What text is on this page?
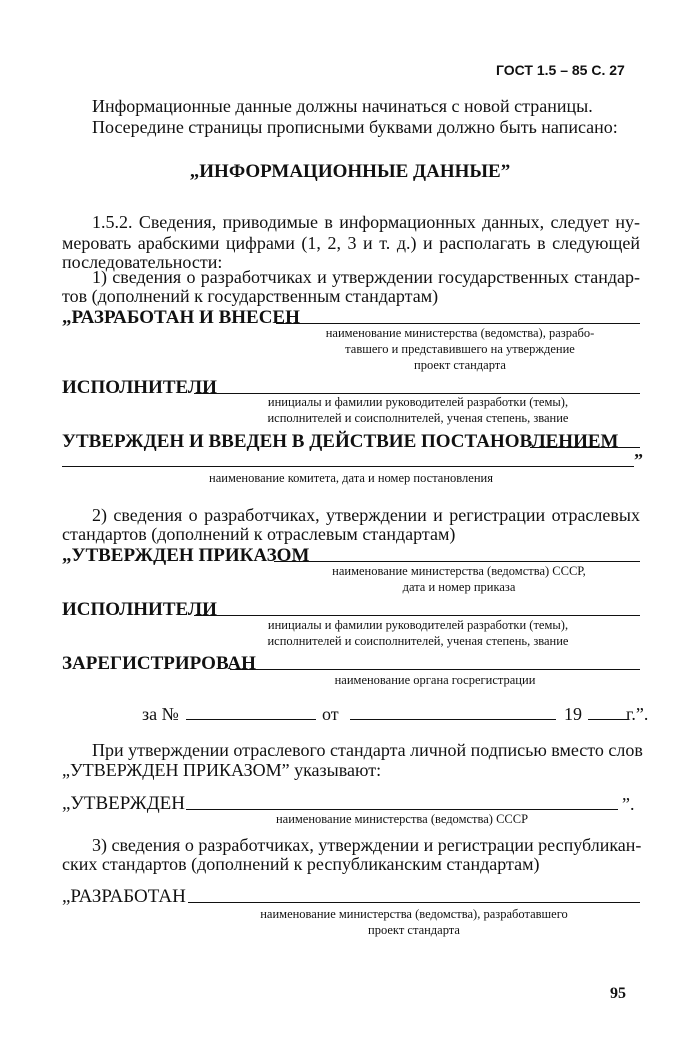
ГОСТ 1.5 – 85 С. 27
Информационные данные должны начинаться с новой страницы.
Посередине страницы прописными буквами должно быть написано:
„ИНФОРМАЦИОННЫЕ ДАННЫЕ”
1.5.2. Сведения, приводимые в информационных данных, следует ну-
меровать арабскими цифрами (1, 2, 3 и т. д.) и располагать в следующей
последовательности:
1) сведения о разработчиках и утверждении государственных стандар-
тов (дополнений к государственным стандартам)
„РАЗРАБОТАН И ВНЕСЕН
наименование министерства (ведомства), разрабо-
тавшего и представившего на утверждение
проект стандарта
ИСПОЛНИТЕЛИ
инициалы и фамилии руководителей разработки (темы),
исполнителей и соисполнителей, ученая степень, звание
УТВЕРЖДЕН И ВВЕДЕН В ДЕЙСТВИЕ ПОСТАНОВЛЕНИЕМ
”
наименование комитета, дата и номер постановления
2) сведения о разработчиках, утверждении и регистрации отраслевых
стандартов (дополнений к отраслевым стандартам)
„УТВЕРЖДЕН ПРИКАЗОМ
наименование министерства (ведомства) СССР,
дата и номер приказа
ИСПОЛНИТЕЛИ
инициалы и фамилии руководителей разработки (темы),
исполнителей и соисполнителей, ученая степень, звание
ЗАРЕГИСТРИРОВАН
наименование органа госрегистрации
за №	от	19 г.”.
При утверждении отраслевого стандарта личной подписью вместо слов
„УТВЕРЖДЕН ПРИКАЗОМ” указывают:
„УТВЕРЖДЕН	”.
наименование министерства (ведомства) СССР
3) сведения о разработчиках, утверждении и регистрации республикан-
ских стандартов (дополнений к республиканским стандартам)
„РАЗРАБОТАН
наименование министерства (ведомства), разработавшего
проект стандарта
95
